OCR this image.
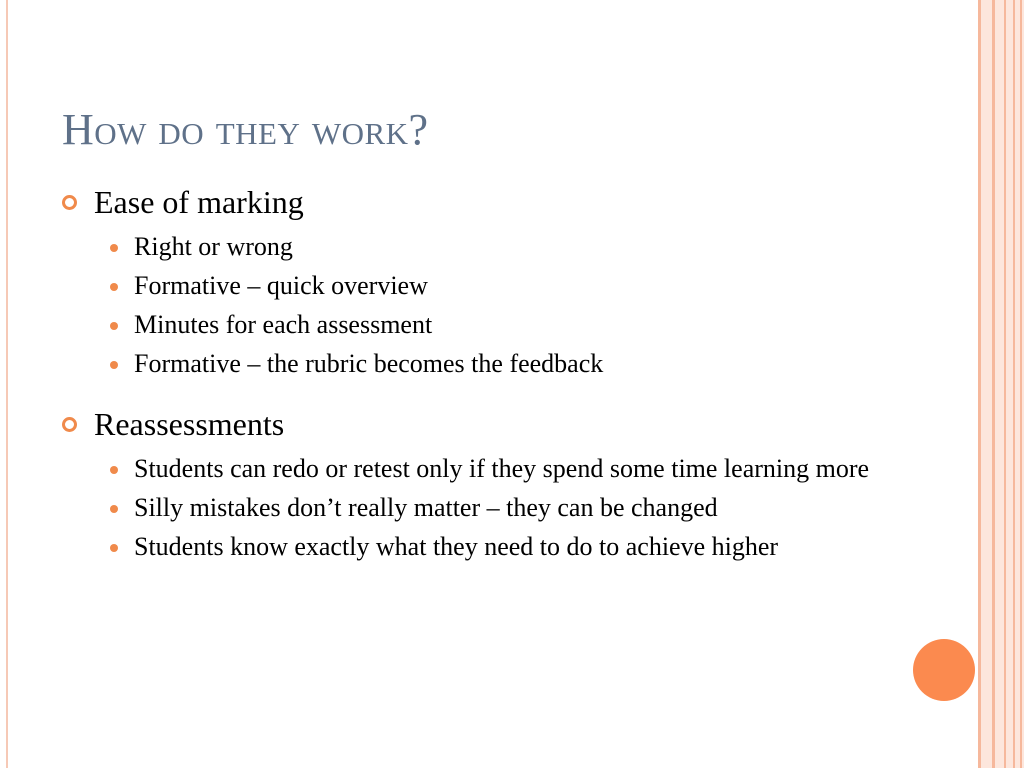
How do they work?
Ease of marking
Right or wrong
Formative – quick overview
Minutes for each assessment
Formative – the rubric becomes the feedback
Reassessments
Students can redo or retest only if they spend some time learning more
Silly mistakes don’t really matter – they can be changed
Students know exactly what they need to do to achieve higher
